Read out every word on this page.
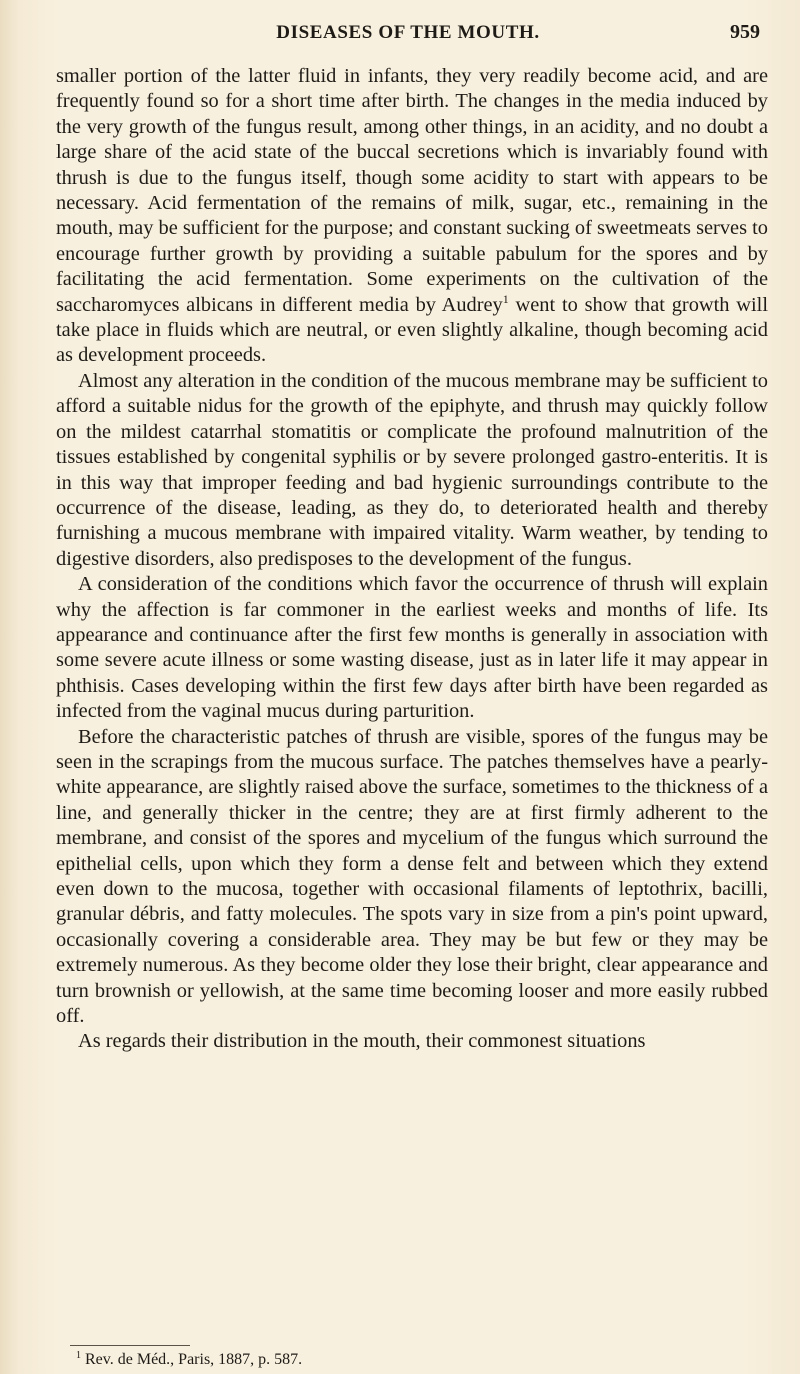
DISEASES OF THE MOUTH.	959

smaller portion of the latter fluid in infants, they very readily become acid, and are frequently found so for a short time after birth. The changes in the media induced by the very growth of the fungus result, among other things, in an acidity, and no doubt a large share of the acid state of the buccal secretions which is invariably found with thrush is due to the fungus itself, though some acidity to start with appears to be necessary. Acid fermentation of the remains of milk, sugar, etc., remaining in the mouth, may be sufficient for the purpose; and constant sucking of sweetmeats serves to encourage further growth by providing a suitable pabulum for the spores and by facilitating the acid fermentation. Some experiments on the cultivation of the saccharomyces albicans in different media by Audrey$^1$ went to show that growth will take place in fluids which are neutral, or even slightly alkaline, though becoming acid as development proceeds.

Almost any alteration in the condition of the mucous membrane may be sufficient to afford a suitable nidus for the growth of the epiphyte, and thrush may quickly follow on the mildest catarrhal stomatitis or complicate the profound malnutrition of the tissues established by congenital syphilis or by severe prolonged gastro-enteritis. It is in this way that improper feeding and bad hygienic surroundings contribute to the occurrence of the disease, leading, as they do, to deteriorated health and thereby furnishing a mucous membrane with impaired vitality. Warm weather, by tending to digestive disorders, also predisposes to the development of the fungus.

A consideration of the conditions which favor the occurrence of thrush will explain why the affection is far commoner in the earliest weeks and months of life. Its appearance and continuance after the first few months is generally in association with some severe acute illness or some wasting disease, just as in later life it may appear in phthisis. Cases developing within the first few days after birth have been regarded as infected from the vaginal mucus during parturition.

Before the characteristic patches of thrush are visible, spores of the fungus may be seen in the scrapings from the mucous surface. The patches themselves have a pearly-white appearance, are slightly raised above the surface, sometimes to the thickness of a line, and generally thicker in the centre; they are at first firmly adherent to the membrane, and consist of the spores and mycelium of the fungus which surround the epithelial cells, upon which they form a dense felt and between which they extend even down to the mucosa, together with occasional filaments of leptothrix, bacilli, granular débris, and fatty molecules. The spots vary in size from a pin's point upward, occasionally covering a considerable area. They may be but few or they may be extremely numerous. As they become older they lose their bright, clear appearance and turn brownish or yellowish, at the same time becoming looser and more easily rubbed off.

As regards their distribution in the mouth, their commonest situations

$^1$ Rev. de Méd., Paris, 1887, p. 587.
